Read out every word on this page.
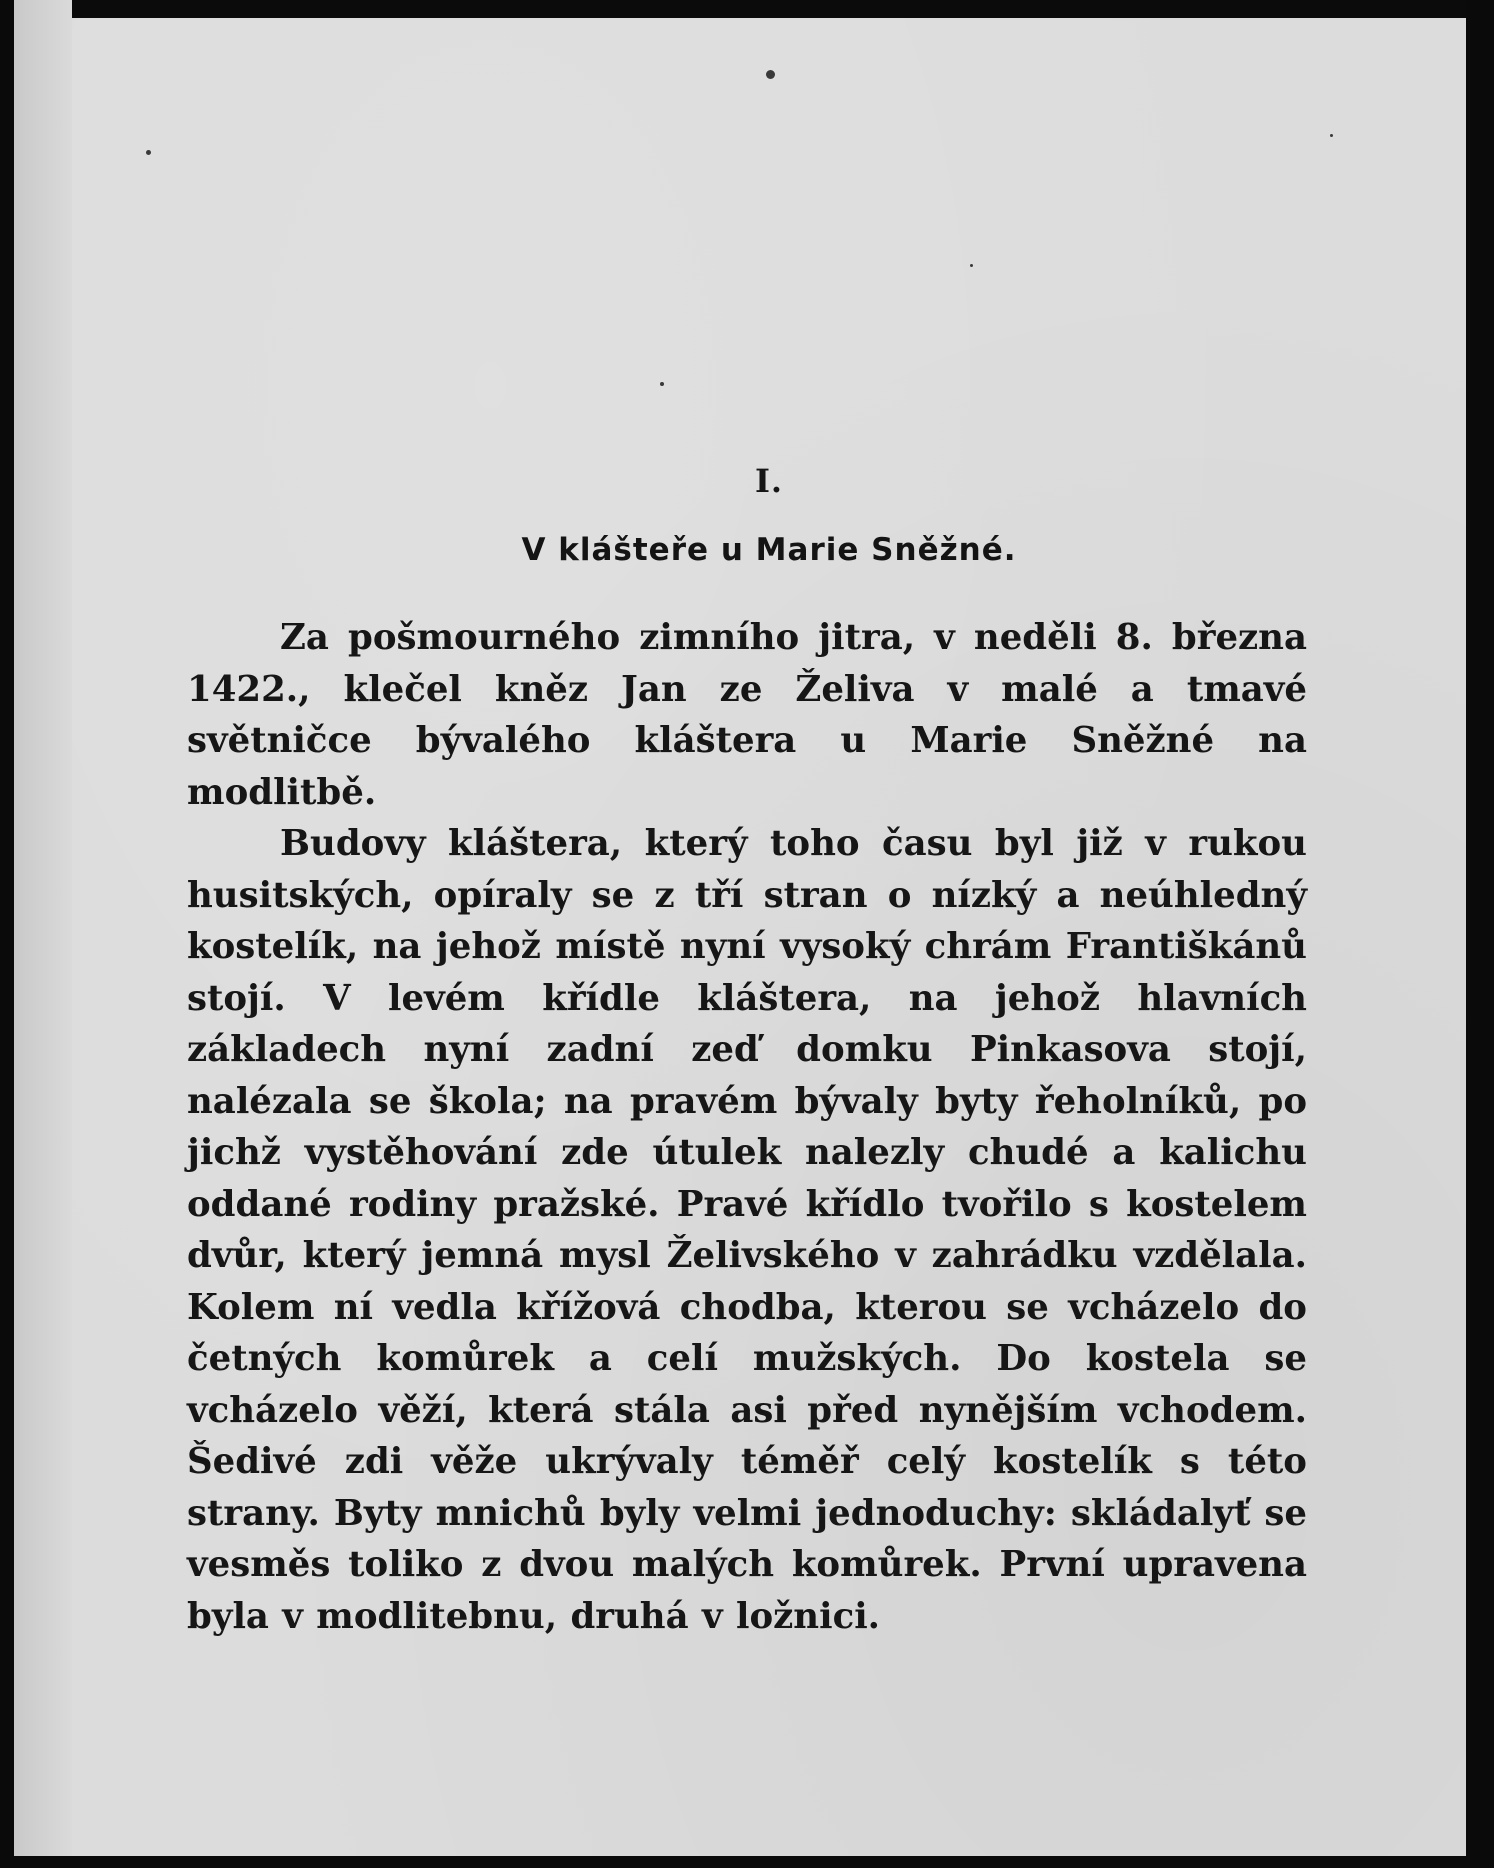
I.
V klášteře u Marie Sněžné.

Za pošmourného zimního jitra, v neděli 8. března 1422., klečel kněz Jan ze Želiva v malé a tmavé světničce bývalého kláštera u Marie Sněžné na modlitbě.

Budovy kláštera, který toho času byl již v rukou husitských, opíraly se z tří stran o nízký a neúhledný kostelík, na jehož místě nyní vysoký chrám Františkánů stojí. V levém křídle kláštera, na jehož hlavních základech nyní zadní zeď domku Pinkasova stojí, nalézala se škola; na pravém bývaly byty řeholníků, po jichž vystěhování zde útulek nalezly chudé a kalichu oddané rodiny pražské. Pravé křídlo tvořilo s kostelem dvůr, který jemná mysl Želivského v zahrádku vzdělala. Kolem ní vedla křížová chodba, kterou se vcházelo do četných komůrek a celí mužských. Do kostela se vcházelo věží, která stála asi před nynějším vchodem. Šedivé zdi věže ukrývaly téměř celý kostelík s této strany. Byty mnichů byly velmi jednoduchy: skládalyť se vesměs toliko z dvou malých komůrek. První upravena byla v modlitebnu, druhá v ložnici.
